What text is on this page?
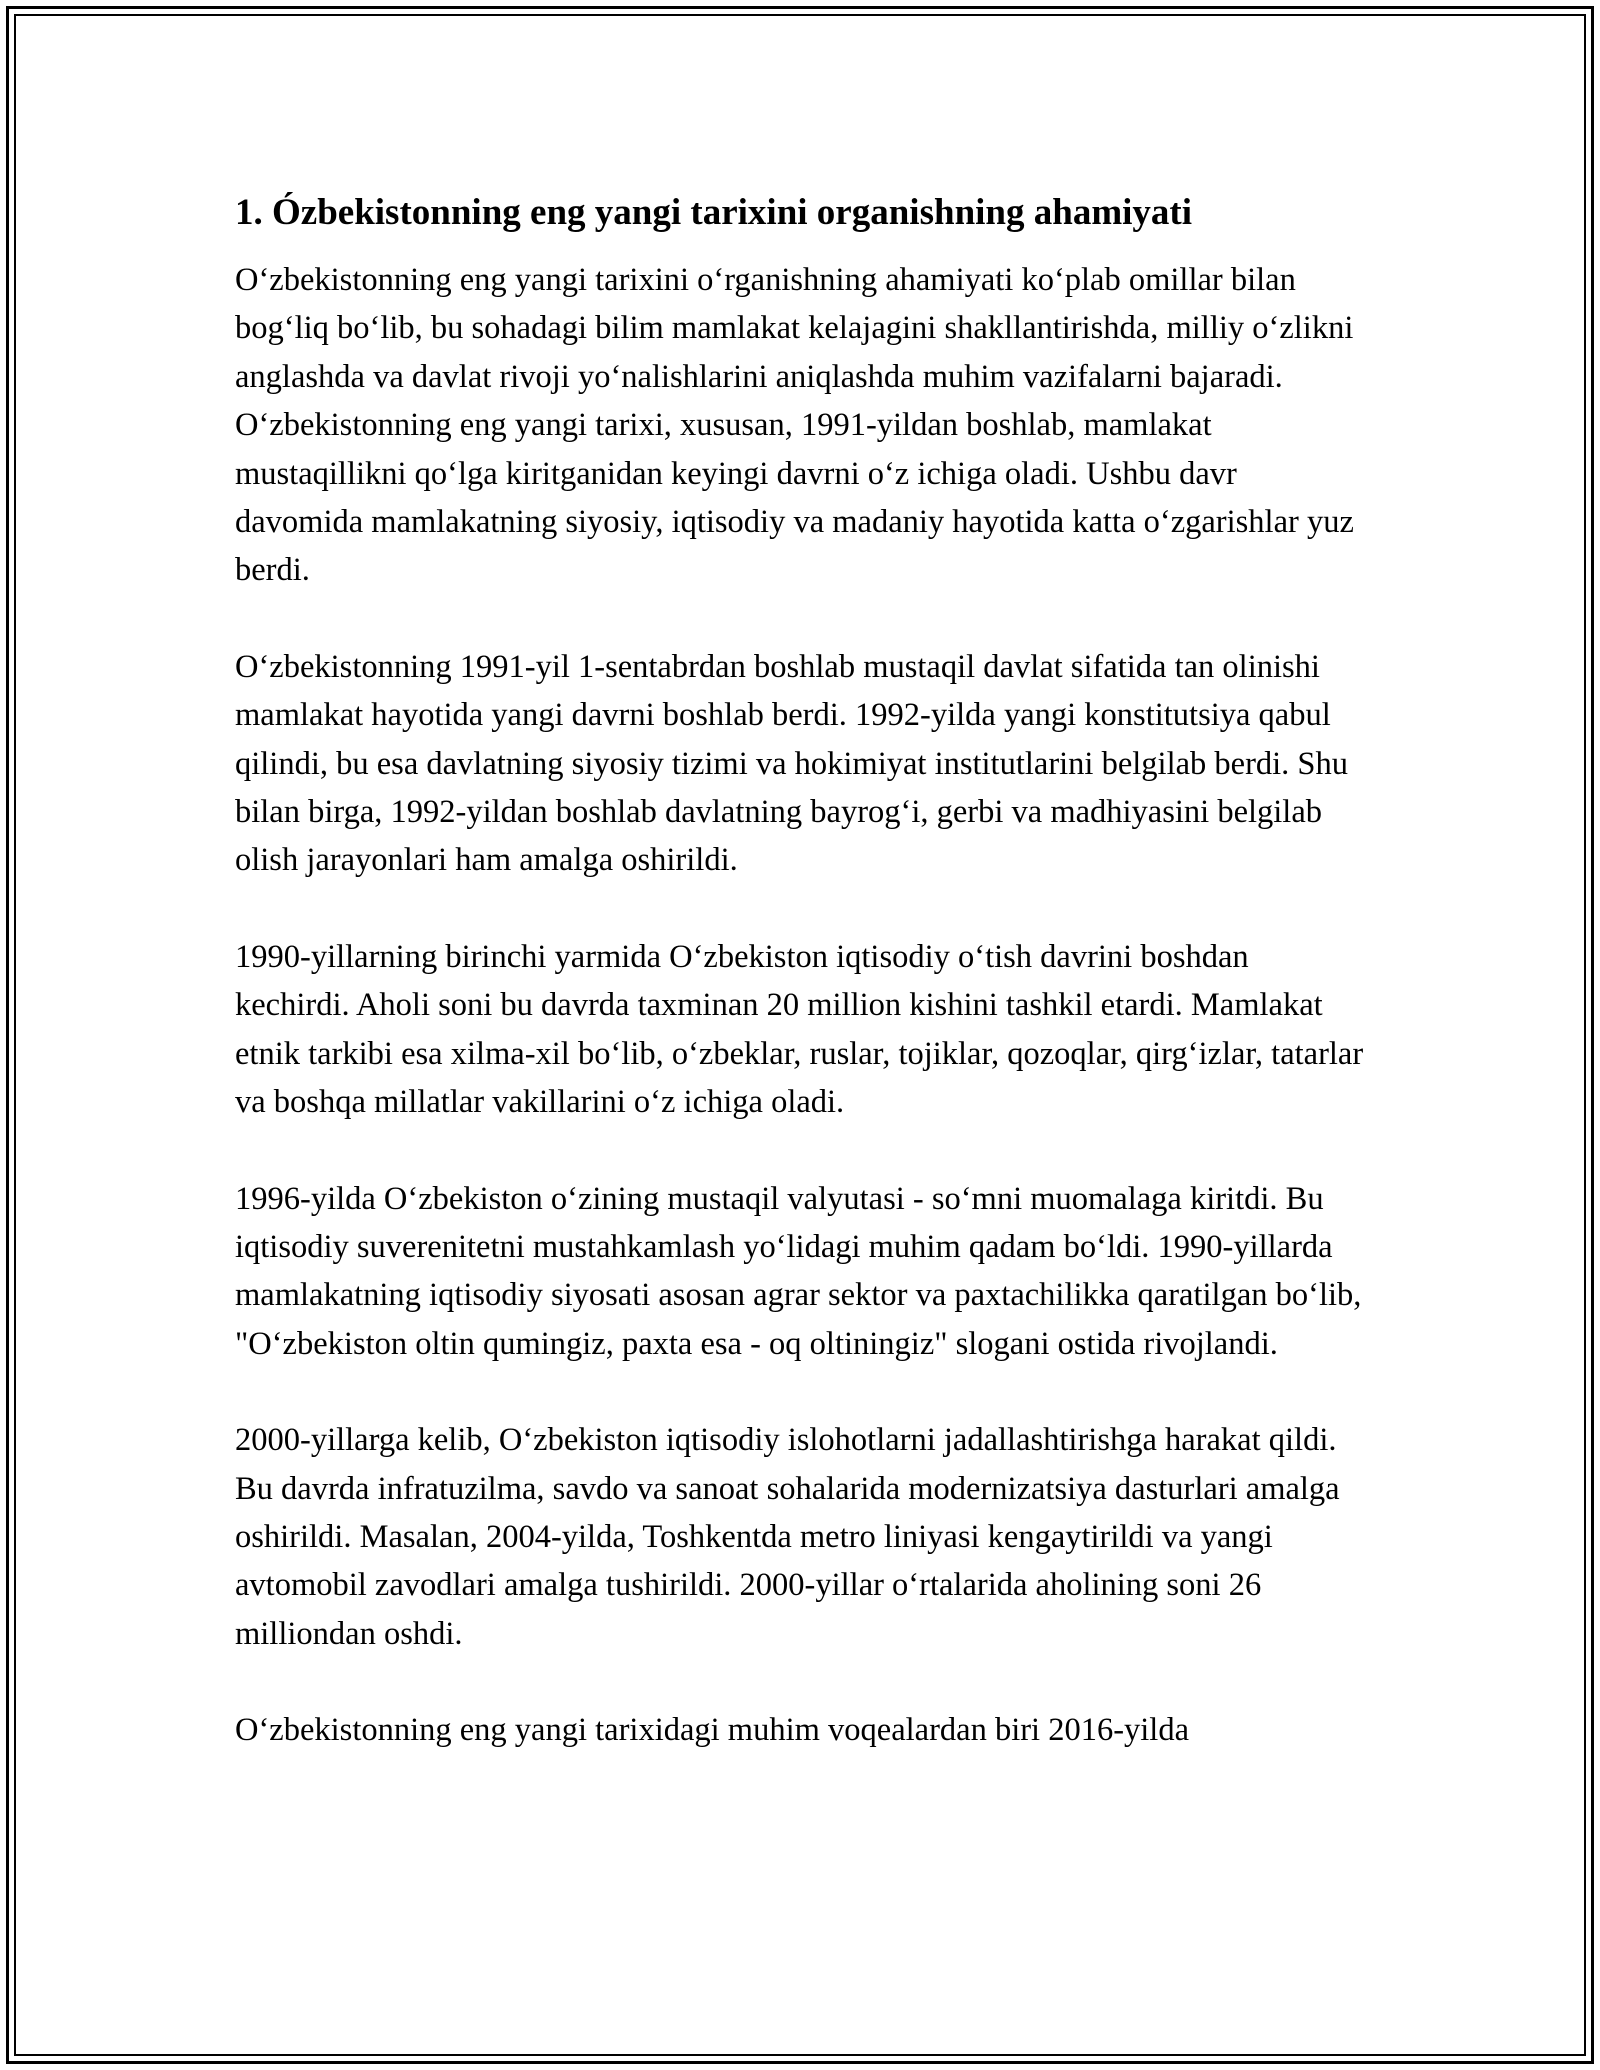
1. Ózbekistonning eng yangi tarixini organishning ahamiyati

O‘zbekistonning eng yangi tarixini o‘rganishning ahamiyati ko‘plab omillar bilan bog‘liq bo‘lib, bu sohadagi bilim mamlakat kelajagini shakllantirishda, milliy o‘zlikni anglashda va davlat rivoji yo‘nalishlarini aniqlashda muhim vazifalarni bajaradi. O‘zbekistonning eng yangi tarixi, xususan, 1991-yildan boshlab, mamlakat mustaqillikni qo‘lga kiritganidan keyingi davrni o‘z ichiga oladi. Ushbu davr davomida mamlakatning siyosiy, iqtisodiy va madaniy hayotida katta o‘zgarishlar yuz berdi.

O‘zbekistonning 1991-yil 1-sentabrdan boshlab mustaqil davlat sifatida tan olinishi mamlakat hayotida yangi davrni boshlab berdi. 1992-yilda yangi konstitutsiya qabul qilindi, bu esa davlatning siyosiy tizimi va hokimiyat institutlarini belgilab berdi. Shu bilan birga, 1992-yildan boshlab davlatning bayrog‘i, gerbi va madhiyasini belgilab olish jarayonlari ham amalga oshirildi.

1990-yillarning birinchi yarmida O‘zbekiston iqtisodiy o‘tish davrini boshdan kechirdi. Aholi soni bu davrda taxminan 20 million kishini tashkil etardi. Mamlakat etnik tarkibi esa xilma-xil bo‘lib, o‘zbeklar, ruslar, tojiklar, qozoqlar, qirg‘izlar, tatarlar va boshqa millatlar vakillarini o‘z ichiga oladi.

1996-yilda O‘zbekiston o‘zining mustaqil valyutasi - so‘mni muomalaga kiritdi. Bu iqtisodiy suverenitetni mustahkamlash yo‘lidagi muhim qadam bo‘ldi. 1990-yillarda mamlakatning iqtisodiy siyosati asosan agrar sektor va paxtachilikka qaratilgan bo‘lib, "O‘zbekiston oltin qumingiz, paxta esa - oq oltiningiz" slogani ostida rivojlandi.

2000-yillarga kelib, O‘zbekiston iqtisodiy islohotlarni jadallashtirishga harakat qildi. Bu davrda infratuzilma, savdo va sanoat sohalarida modernizatsiya dasturlari amalga oshirildi. Masalan, 2004-yilda, Toshkentda metro liniyasi kengaytirildi va yangi avtomobil zavodlari amalga tushirildi. 2000-yillar o‘rtalarida aholining soni 26 milliondan oshdi.

O‘zbekistonning eng yangi tarixidagi muhim voqealardan biri 2016-yilda
